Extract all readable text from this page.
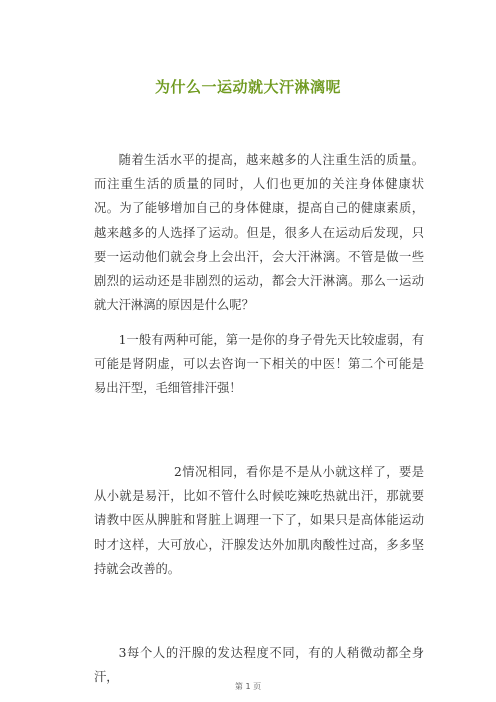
为什么一运动就大汗淋漓呢

随着生活水平的提高，越来越多的人注重生活的质量。而注重生活的质量的同时，人们也更加的关注身体健康状况。为了能够增加自己的身体健康，提高自己的健康素质，越来越多的人选择了运动。但是，很多人在运动后发现，只要一运动他们就会身上会出汗，会大汗淋漓。不管是做一些剧烈的运动还是非剧烈的运动，都会大汗淋漓。那么一运动就大汗淋漓的原因是什么呢？

1一般有两种可能，第一是你的身子骨先天比较虚弱，有可能是肾阴虚，可以去咨询一下相关的中医！第二个可能是易出汗型，毛细管排汗强！

2情况相同，看你是不是从小就这样了，要是从小就是易汗，比如不管什么时候吃辣吃热就出汗，那就要请教中医从脾脏和肾脏上调理一下了，如果只是高体能运动时才这样，大可放心，汗腺发达外加肌肉酸性过高，多多坚持就会改善的。

3每个人的汗腺的发达程度不同，有的人稍微动都全身汗，

第 1 页
